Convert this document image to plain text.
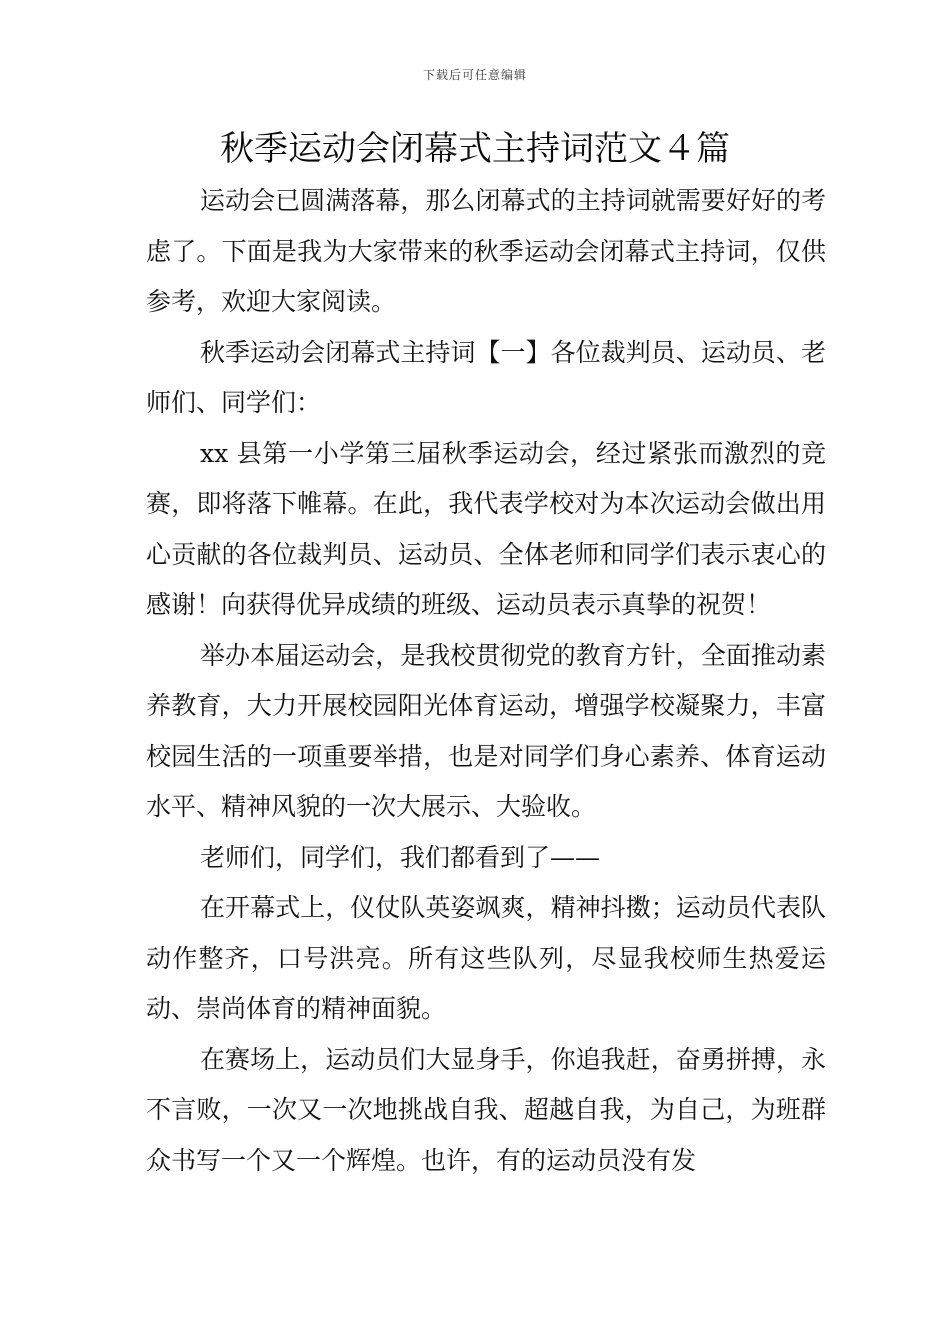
下载后可任意编辑
秋季运动会闭幕式主持词范文４篇

运动会已圆满落幕，那么闭幕式的主持词就需要好好的考虑了。下面是我为大家带来的秋季运动会闭幕式主持词，仅供参考，欢迎大家阅读。

秋季运动会闭幕式主持词【一】各位裁判员、运动员、老师们、同学们：

xx 县第一小学第三届秋季运动会，经过紧张而激烈的竞赛，即将落下帷幕。在此，我代表学校对为本次运动会做出用心贡献的各位裁判员、运动员、全体老师和同学们表示衷心的感谢！向获得优异成绩的班级、运动员表示真挚的祝贺！

举办本届运动会，是我校贯彻党的教育方针，全面推动素养教育，大力开展校园阳光体育运动，增强学校凝聚力，丰富校园生活的一项重要举措，也是对同学们身心素养、体育运动水平、精神风貌的一次大展示、大验收。

老师们，同学们，我们都看到了——

在开幕式上，仪仗队英姿飒爽，精神抖擞；运动员代表队动作整齐，口号洪亮。所有这些队列，尽显我校师生热爱运动、崇尚体育的精神面貌。

在赛场上，运动员们大显身手，你追我赶，奋勇拼搏，永不言败，一次又一次地挑战自我、超越自我，为自己，为班群众书写一个又一个辉煌。也许，有的运动员没有发
